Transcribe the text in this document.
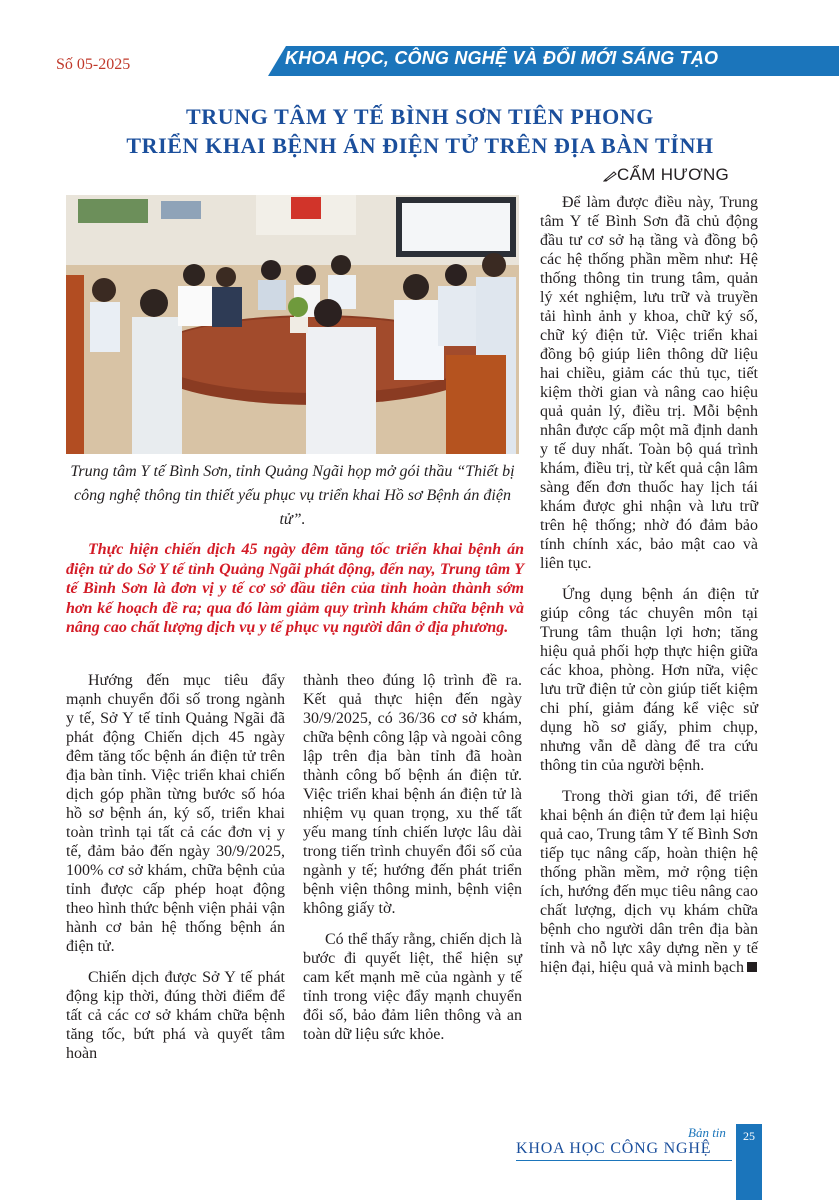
Số 05-2025	KHOA HỌC, CÔNG NGHỆ VÀ ĐỔI MỚI SÁNG TẠO
TRUNG TÂM Y TẾ BÌNH SƠN TIÊN PHONG
TRIỂN KHAI BỆNH ÁN ĐIỆN TỬ TRÊN ĐỊA BÀN TỈNH
CẨM HƯƠNG
Trung tâm Y tế Bình Sơn, tỉnh Quảng Ngãi họp mở gói thầu “Thiết bị công nghệ thông tin thiết yếu phục vụ triển khai Hồ sơ Bệnh án điện tử”.
Thực hiện chiến dịch 45 ngày đêm tăng tốc triển khai bệnh án điện tử do Sở Y tế tỉnh Quảng Ngãi phát động, đến nay, Trung tâm Y tế Bình Sơn là đơn vị y tế cơ sở đầu tiên của tỉnh hoàn thành sớm hơn kế hoạch đề ra; qua đó làm giảm quy trình khám chữa bệnh và nâng cao chất lượng dịch vụ y tế phục vụ người dân ở địa phương.

Hướng đến mục tiêu đẩy mạnh chuyển đổi số trong ngành y tế, Sở Y tế tỉnh Quảng Ngãi đã phát động Chiến dịch 45 ngày đêm tăng tốc bệnh án điện tử trên địa bàn tỉnh. Việc triển khai chiến dịch góp phần từng bước số hóa hồ sơ bệnh án, ký số, triển khai toàn trình tại tất cả các đơn vị y tế, đảm bảo đến ngày 30/9/2025, 100% cơ sở khám, chữa bệnh của tỉnh được cấp phép hoạt động theo hình thức bệnh viện phải vận hành cơ bản hệ thống bệnh án điện tử.

Chiến dịch được Sở Y tế phát động kịp thời, đúng thời điểm để tất cả các cơ sở khám chữa bệnh tăng tốc, bứt phá và quyết tâm hoàn

thành theo đúng lộ trình đề ra. Kết quả thực hiện đến ngày 30/9/2025, có 36/36 cơ sở khám, chữa bệnh công lập và ngoài công lập trên địa bàn tỉnh đã hoàn thành công bố bệnh án điện tử. Việc triển khai bệnh án điện tử là nhiệm vụ quan trọng, xu thế tất yếu mang tính chiến lược lâu dài trong tiến trình chuyển đổi số của ngành y tế; hướng đến phát triển bệnh viện thông minh, bệnh viện không giấy tờ.

Có thể thấy rằng, chiến dịch là bước đi quyết liệt, thể hiện sự cam kết mạnh mẽ của ngành y tế tỉnh trong việc đẩy mạnh chuyển đổi số, bảo đảm liên thông và an toàn dữ liệu sức khỏe.

Để làm được điều này, Trung tâm Y tế Bình Sơn đã chủ động đầu tư cơ sở hạ tầng và đồng bộ các hệ thống phần mềm như: Hệ thống thông tin trung tâm, quản lý xét nghiệm, lưu trữ và truyền tải hình ảnh y khoa, chữ ký số, chữ ký điện tử. Việc triển khai đồng bộ giúp liên thông dữ liệu hai chiều, giảm các thủ tục, tiết kiệm thời gian và nâng cao hiệu quả quản lý, điều trị. Mỗi bệnh nhân được cấp một mã định danh y tế duy nhất. Toàn bộ quá trình khám, điều trị, từ kết quả cận lâm sàng đến đơn thuốc hay lịch tái khám được ghi nhận và lưu trữ trên hệ thống; nhờ đó đảm bảo tính chính xác, bảo mật cao và liên tục.

Ứng dụng bệnh án điện tử giúp công tác chuyên môn tại Trung tâm thuận lợi hơn; tăng hiệu quả phối hợp thực hiện giữa các khoa, phòng. Hơn nữa, việc lưu trữ điện tử còn giúp tiết kiệm chi phí, giảm đáng kể việc sử dụng hồ sơ giấy, phim chụp, nhưng vẫn dễ dàng để tra cứu thông tin của người bệnh.

Trong thời gian tới, để triển khai bệnh án điện tử đem lại hiệu quả cao, Trung tâm Y tế Bình Sơn tiếp tục nâng cấp, hoàn thiện hệ thống phần mềm, mở rộng tiện ích, hướng đến mục tiêu nâng cao chất lượng, dịch vụ khám chữa bệnh cho người dân trên địa bàn tỉnh và nỗ lực xây dựng nền y tế hiện đại, hiệu quả và minh bạch

Bản tin
KHOA HỌC CÔNG NGHỆ
25
